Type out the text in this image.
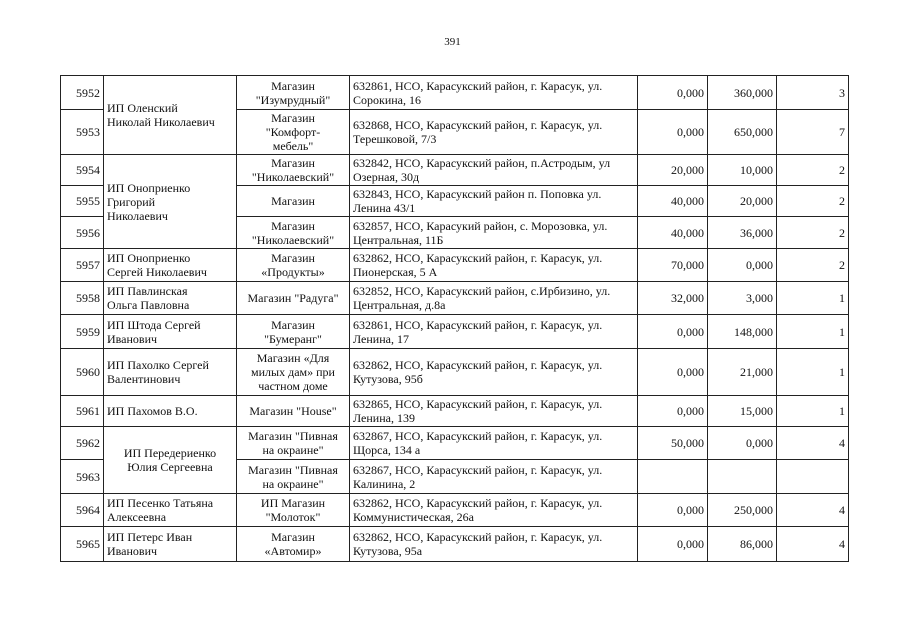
391
5952	ИП Оленский
Николай Николаевич	Магазин
"Изумрудный"	632861, НСО, Карасукский район, г. Карасук, ул.
Сорокина, 16	0,000	360,000	3
5953		Магазин
"Комфорт-
мебель"	632868, НСО, Карасукский район, г. Карасук, ул.
Терешковой, 7/3	0,000	650,000	7
5954	ИП Оноприенко
Григорий
Николаевич	Магазин
"Николаевский"	632842, НСО, Карасукский район, п.Астродым, ул
Озерная, 30д	20,000	10,000	2
5955		Магазин	632843, НСО, Карасукский район п. Поповка ул.
Ленина 43/1	40,000	20,000	2
5956		Магазин
"Николаевский"	632857, НСО, Карасукий район, с. Морозовка, ул.
Центральная, 11Б	40,000	36,000	2
5957	ИП Оноприенко
Сергей Николаевич	Магазин
«Продукты»	632862, НСО, Карасукский район, г. Карасук, ул.
Пионерская, 5 А	70,000	0,000	2
5958	ИП Павлинская
Ольга Павловна	Магазин "Радуга"	632852, НСО, Карасукский район, с.Ирбизино, ул.
Центральная, д.8а	32,000	3,000	1
5959	ИП Штода Сергей
Иванович	Магазин
"Бумеранг"	632861, НСО, Карасукский район, г. Карасук, ул.
Ленина, 17	0,000	148,000	1
5960	ИП Пахолко Сергей
Валентинович	Магазин «Для
милых дам» при
частном доме	632862, НСО, Карасукский район, г. Карасук, ул.
Кутузова, 95б	0,000	21,000	1
5961	ИП Пахомов В.О.	Магазин "House"	632865, НСО, Карасукский район, г. Карасук, ул.
Ленина, 139	0,000	15,000	1
5962	ИП Передериенко
Юлия Сергеевна	Магазин "Пивная
на окраине"	632867, НСО, Карасукский район, г. Карасук, ул.
Щорса, 134 а	50,000	0,000	4
5963		Магазин "Пивная
на окраине"	632867, НСО, Карасукский район, г. Карасук, ул.
Калинина, 2			
5964	ИП Песенко Татьяна
Алексеевна	ИП Магазин
"Молоток"	632862, НСО, Карасукский район, г. Карасук, ул.
Коммунистическая, 26а	0,000	250,000	4
5965	ИП Петерс Иван
Иванович	Магазин
«Автомир»	632862, НСО, Карасукский район, г. Карасук, ул.
Кутузова, 95а	0,000	86,000	4
